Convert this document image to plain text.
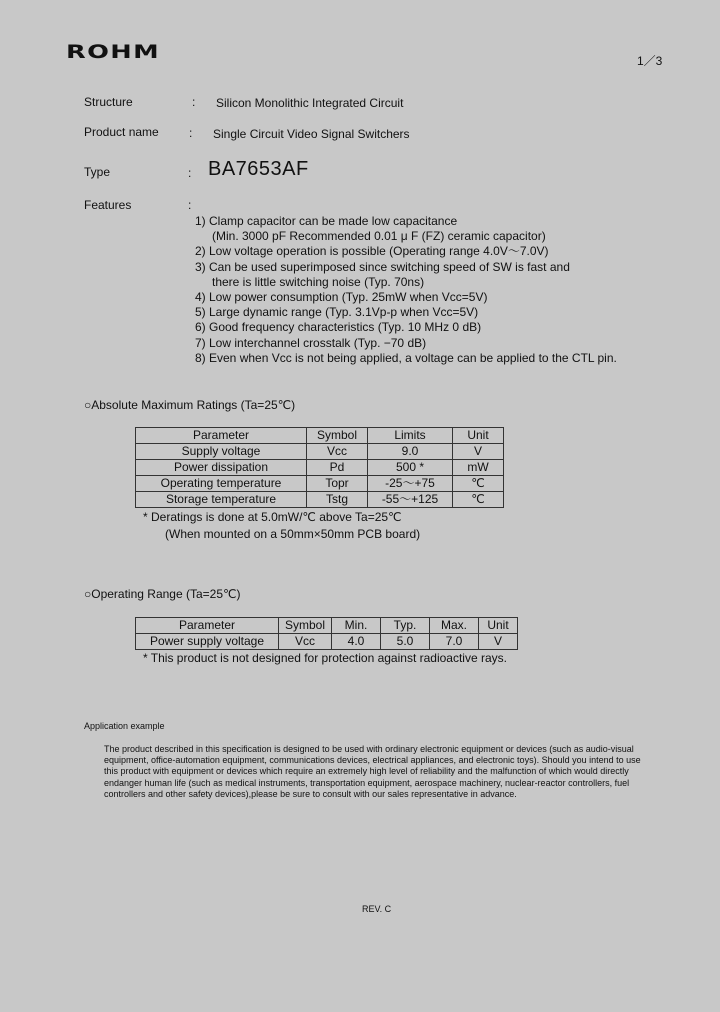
ROHM	1／3
Structure	: Silicon Monolithic Integrated Circuit
Product name	: Single Circuit Video Signal Switchers
Type	: BA7653AF
Features	:
1) Clamp capacitor can be made low capacitance
(Min. 3000 pF Recommended 0.01 μ F (FZ) ceramic capacitor)
2) Low voltage operation is possible (Operating range 4.0V～7.0V)
3) Can be used superimposed since switching speed of SW is fast and
there is little switching noise (Typ. 70ns)
4) Low power consumption (Typ. 25mW when Vcc=5V)
5) Large dynamic range (Typ. 3.1Vp-p when Vcc=5V)
6) Good frequency characteristics (Typ. 10 MHz 0 dB)
7) Low interchannel crosstalk (Typ. −70 dB)
8) Even when Vcc is not being applied, a voltage can be applied to the CTL pin.
○Absolute Maximum Ratings (Ta=25℃)
Parameter	Symbol	Limits	Unit
Supply voltage	Vcc	9.0	V
Power dissipation	Pd	500 *	mW
Operating temperature	Topr	-25～+75	℃
Storage temperature	Tstg	-55～+125	℃
* Deratings is done at 5.0mW/℃ above Ta=25℃
(When mounted on a 50mm×50mm PCB board)
○Operating Range (Ta=25℃)
Parameter	Symbol	Min.	Typ.	Max.	Unit
Power supply voltage	Vcc	4.0	5.0	7.0	V
* This product is not designed for protection against radioactive rays.
Application example
The product described in this specification is designed to be used with ordinary electronic equipment or devices (such as audio-visual equipment, office-automation equipment, communications devices, electrical appliances, and electronic toys). Should you intend to use this product with equipment or devices which require an extremely high level of reliability and the malfunction of which would directly endanger human life (such as medical instruments, transportation equipment, aerospace machinery, nuclear-reactor controllers, fuel controllers and other safety devices),please be sure to consult with our sales representative in advance.
REV. C
